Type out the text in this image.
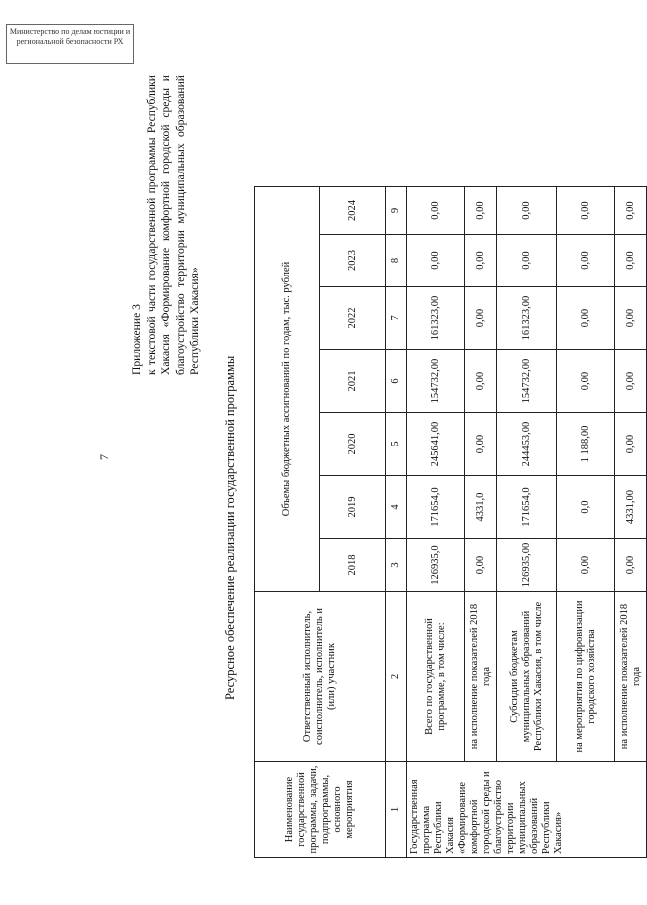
Министерство по делам юстиции и региональной безопасности РХ
7
Приложение 3 к текстовой части государственной программы Республики Хакасия «Формирование комфортной городской среды и благоустройство территории муниципальных образований Республики Хакасия»
Ресурсное обеспечение реализации государственной программы
Наименование государственной программы, задачи, подпрограммы, основного мероприятия	Ответственный исполнитель, соисполнитель, исполнитель и (или) участник	Объемы бюджетных ассигнований по годам, тыс. рублей						
		2018	2019	2020	2021	2022	2023	2024
1	2	3	4	5	6	7	8	9
Государственная программа Республики Хакасия «Формирование комфортной городской среды и благоустройство территории муниципальных образований Республики Хакасия»	Всего по государственной программе, в том числе:	126935,0	171654,0	245641,00	154732,00	161323,00	0,00	0,00
	на исполнение показателей 2018 года	0,00	4331,0	0,00	0,00	0,00	0,00	0,00
	Субсидии бюджетам муниципальных образований Республики Хакасия, в том числе	126935,00	171654,0	244453,00	154732,00	161323,00	0,00	0,00
	на мероприятия по цифровизации городского хозяйства	0,00	0,0	1 188,00	0,00	0,00	0,00	0,00
	на исполнение показателей 2018 года	0,00	4331,00	0,00	0,00	0,00	0,00	0,00
